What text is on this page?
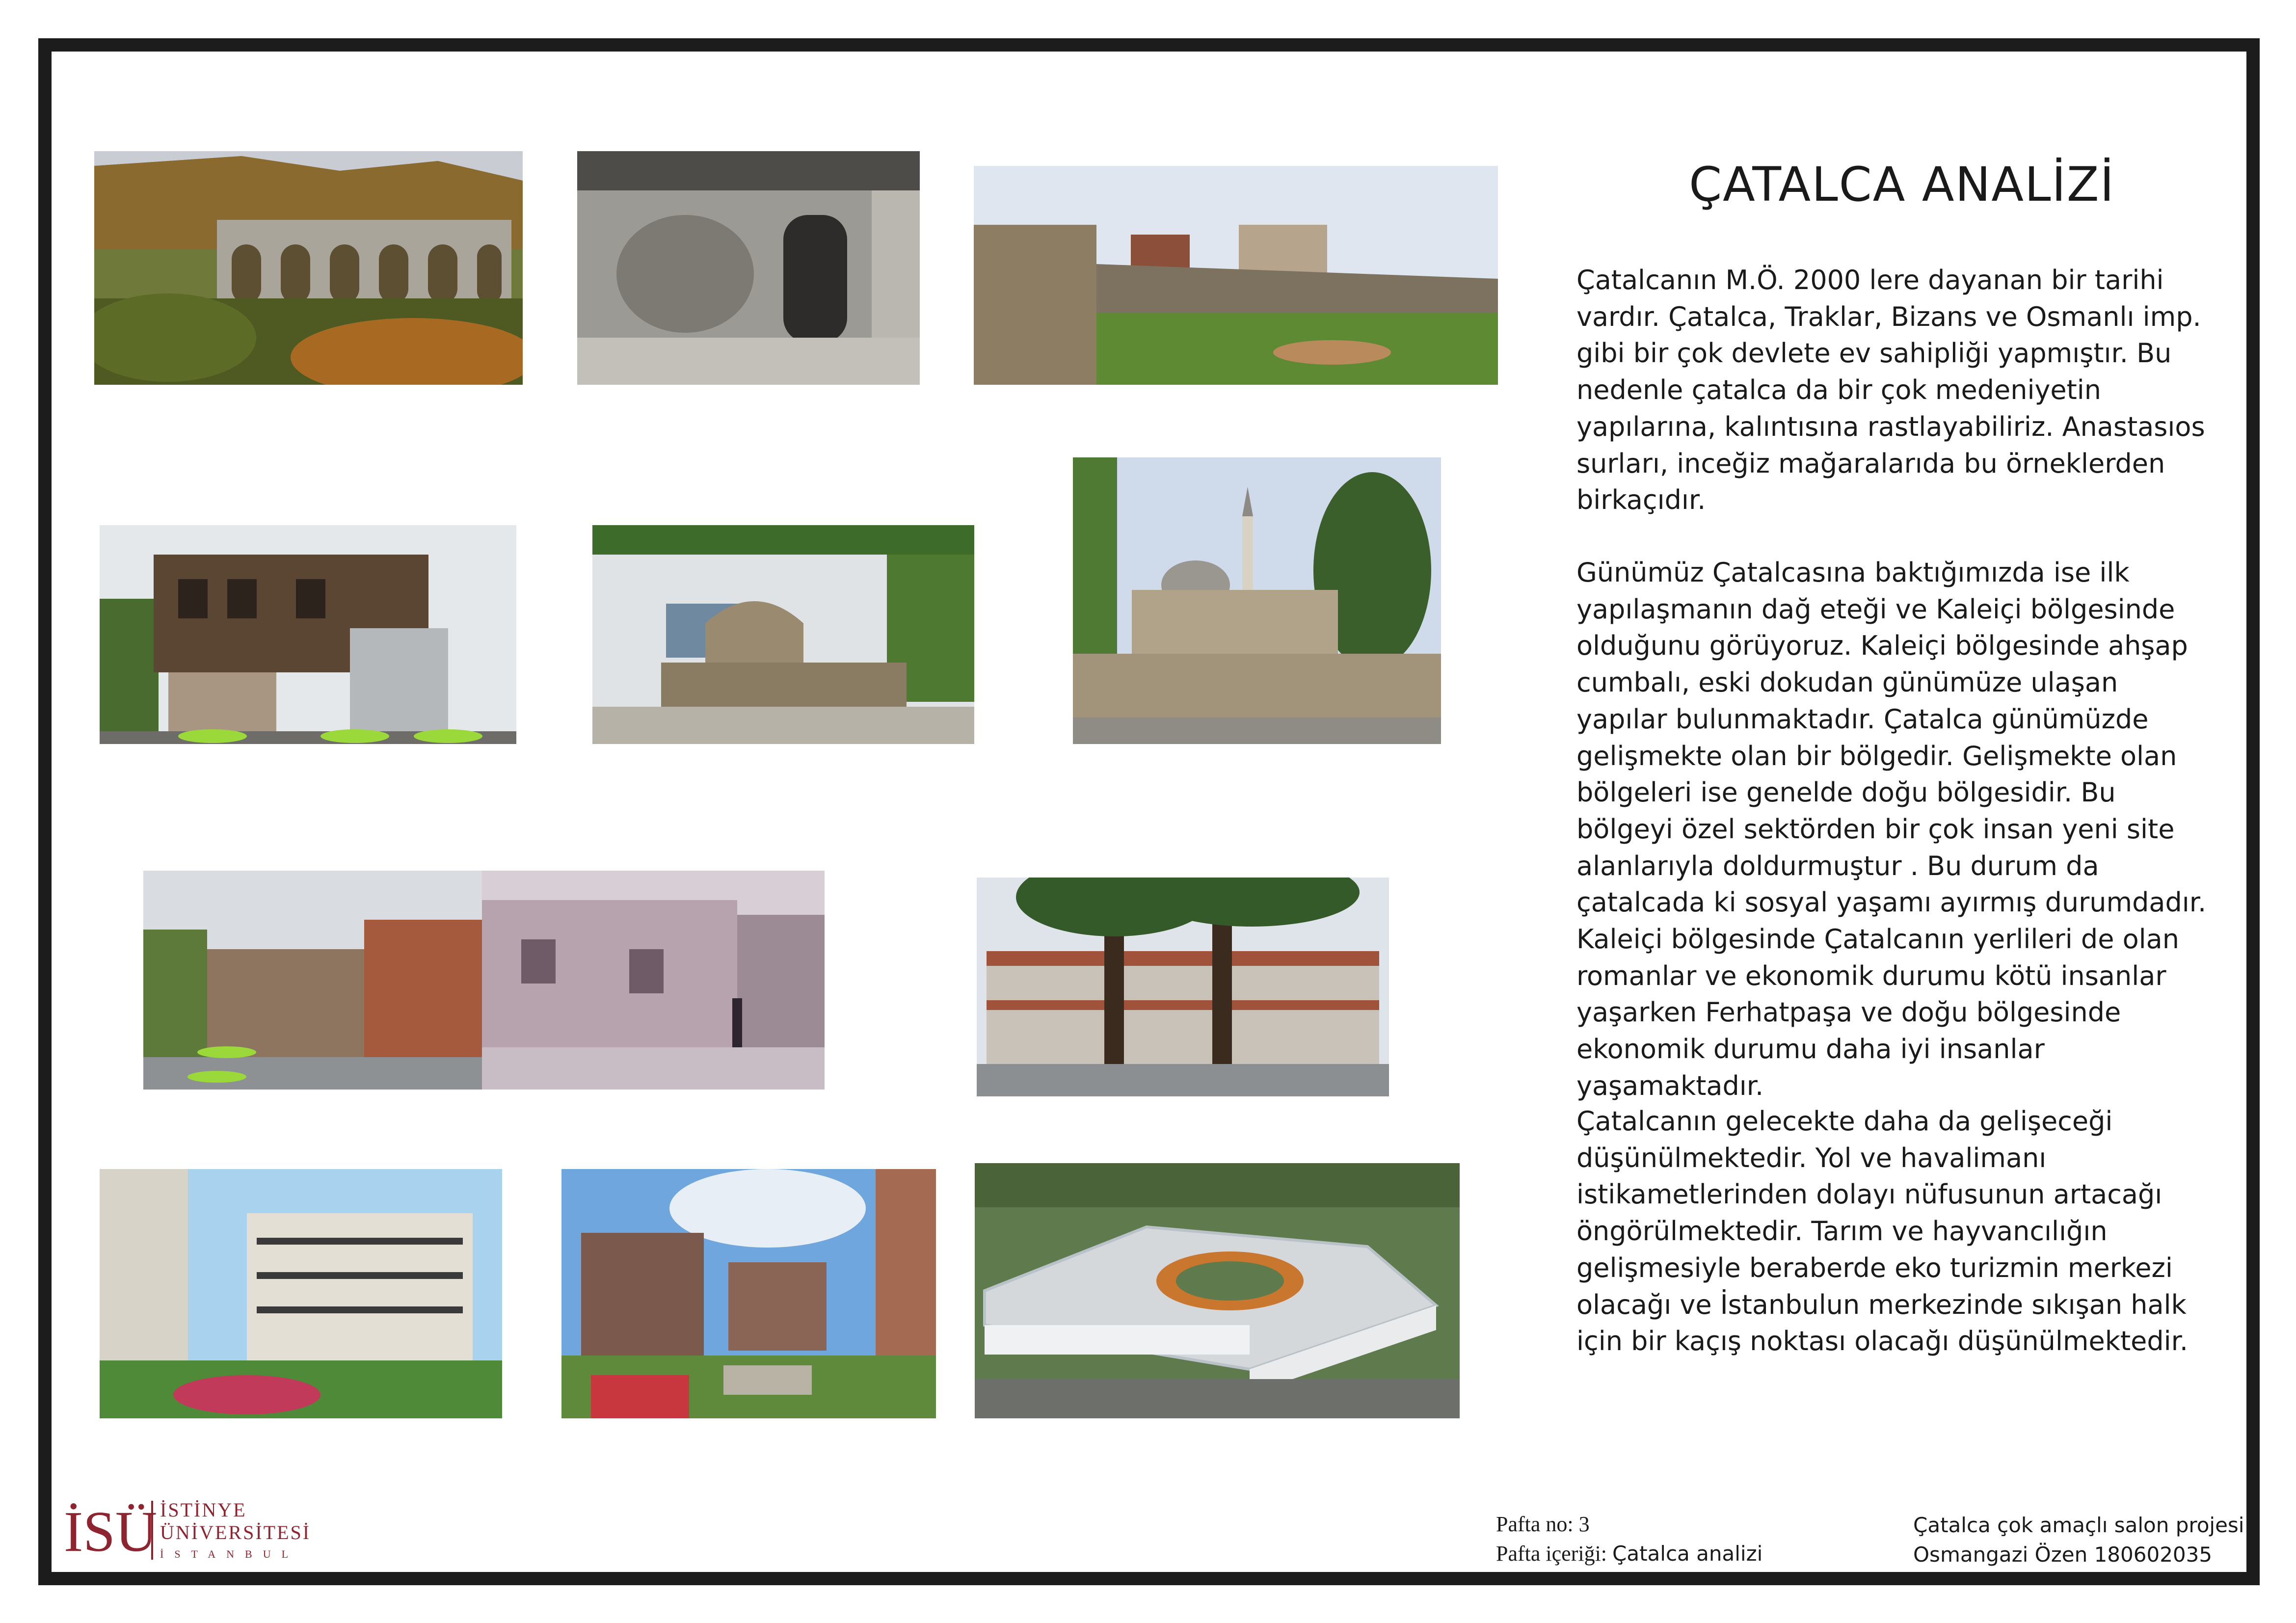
ÇATALCA ANALİZİ

Çatalcanın M.Ö. 2000 lere dayanan bir tarihi vardır. Çatalca, Traklar, Bizans ve Osmanlı imp. gibi bir çok devlete ev sahipliği yapmıştır. Bu nedenle çatalca da bir çok medeniyetin yapılarına, kalıntısına rastlayabiliriz. Anastasıos surları, inceğiz mağaralarıda bu örneklerden birkaçıdır.

Günümüz Çatalcasına baktığımızda ise ilk yapılaşmanın dağ eteği ve Kaleiçi bölgesinde olduğunu görüyoruz. Kaleiçi bölgesinde ahşap cumbalı, eski dokudan günümüze ulaşan yapılar bulunmaktadır. Çatalca günümüzde gelişmekte olan bir bölgedir. Gelişmekte olan bölgeleri ise genelde doğu bölgesidir. Bu bölgeyi özel sektörden bir çok insan yeni site alanlarıyla doldurmuştur . Bu durum da çatalcada ki sosyal yaşamı ayırmış durumdadır. Kaleiçi bölgesinde Çatalcanın yerlileri de olan romanlar ve ekonomik durumu kötü insanlar yaşarken Ferhatpaşa ve doğu bölgesinde ekonomik durumu daha iyi insanlar yaşamaktadır.

Çatalcanın gelecekte daha da gelişeceği düşünülmektedir. Yol ve havalimanı istikametlerinden dolayı nüfusunun artacağı öngörülmektedir. Tarım ve hayvancılığın gelişmesiyle beraberde eko turizmin merkezi olacağı ve İstanbulun merkezinde sıkışan halk için bir kaçış noktası olacağı düşünülmektedir.

İSÜ İSTİNYE
ÜNİVERSİTESİ
İSTANBUL
Pafta no: 3
Pafta içeriği: Çatalca analizi
Çatalca çok amaçlı salon projesi
Osmangazi Özen 180602035
